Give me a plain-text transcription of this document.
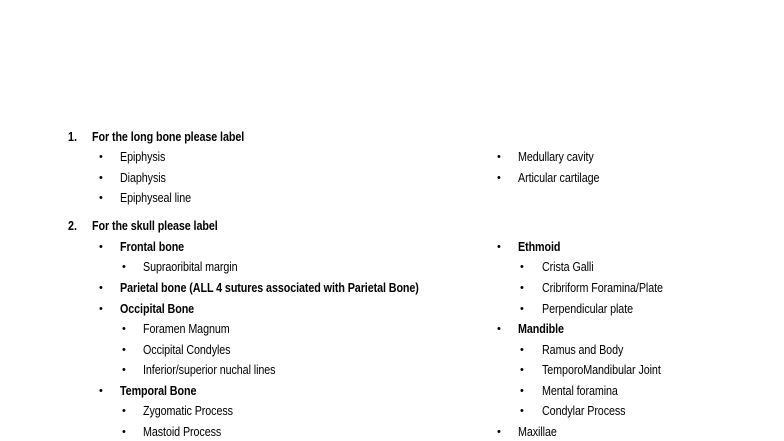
1. For the long bone please label
• Epiphysis
• Diaphysis
• Epiphyseal line
• Medullary cavity
• Articular cartilage
2. For the skull please label
• Frontal bone
• Supraoribital margin
• Parietal bone (ALL 4 sutures associated with Parietal Bone)
• Occipital Bone
• Foramen Magnum
• Occipital Condyles
• Inferior/superior nuchal lines
• Temporal Bone
• Zygomatic Process
• Mastoid Process
• Ethmoid
• Crista Galli
• Cribriform Foramina/Plate
• Perpendicular plate
• Mandible
• Ramus and Body
• TemporoMandibular Joint
• Mental foramina
• Condylar Process
• Maxillae
